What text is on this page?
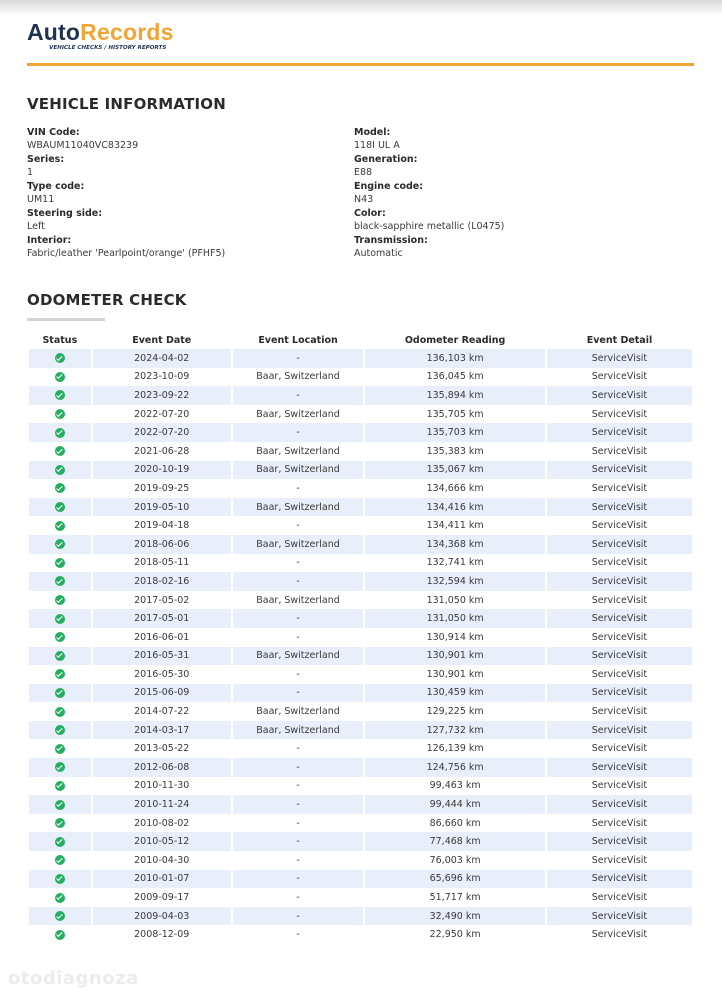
AutoRecords
VEHICLE CHECKS / HISTORY REPORTS
VEHICLE INFORMATION
VIN Code:
WBAUM11040VC83239
Series:
1
Type code:
UM11
Steering side:
Left
Interior:
Fabric/leather 'Pearlpoint/orange' (PFHF5)
Model:
118I UL A
Generation:
E88
Engine code:
N43
Color:
black-sapphire metallic (L0475)
Transmission:
Automatic
ODOMETER CHECK
Status	Event Date	Event Location	Odometer Reading	Event Detail
	2024-04-02	-	136,103 km	ServiceVisit
	2023-10-09	Baar, Switzerland	136,045 km	ServiceVisit
	2023-09-22	-	135,894 km	ServiceVisit
	2022-07-20	Baar, Switzerland	135,705 km	ServiceVisit
	2022-07-20	-	135,703 km	ServiceVisit
	2021-06-28	Baar, Switzerland	135,383 km	ServiceVisit
	2020-10-19	Baar, Switzerland	135,067 km	ServiceVisit
	2019-09-25	-	134,666 km	ServiceVisit
	2019-05-10	Baar, Switzerland	134,416 km	ServiceVisit
	2019-04-18	-	134,411 km	ServiceVisit
	2018-06-06	Baar, Switzerland	134,368 km	ServiceVisit
	2018-05-11	-	132,741 km	ServiceVisit
	2018-02-16	-	132,594 km	ServiceVisit
	2017-05-02	Baar, Switzerland	131,050 km	ServiceVisit
	2017-05-01	-	131,050 km	ServiceVisit
	2016-06-01	-	130,914 km	ServiceVisit
	2016-05-31	Baar, Switzerland	130,901 km	ServiceVisit
	2016-05-30	-	130,901 km	ServiceVisit
	2015-06-09	-	130,459 km	ServiceVisit
	2014-07-22	Baar, Switzerland	129,225 km	ServiceVisit
	2014-03-17	Baar, Switzerland	127,732 km	ServiceVisit
	2013-05-22	-	126,139 km	ServiceVisit
	2012-06-08	-	124,756 km	ServiceVisit
	2010-11-30	-	99,463 km	ServiceVisit
	2010-11-24	-	99,444 km	ServiceVisit
	2010-08-02	-	86,660 km	ServiceVisit
	2010-05-12	-	77,468 km	ServiceVisit
	2010-04-30	-	76,003 km	ServiceVisit
	2010-01-07	-	65,696 km	ServiceVisit
	2009-09-17	-	51,717 km	ServiceVisit
	2009-04-03	-	32,490 km	ServiceVisit
	2008-12-09	-	22,950 km	ServiceVisit
otodiagnoza
